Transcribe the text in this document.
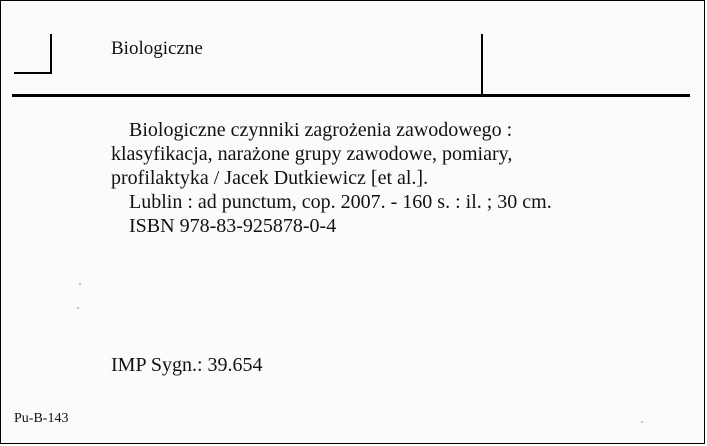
Biologiczne
Biologiczne czynniki zagrożenia zawodowego :
klasyfikacja, narażone grupy zawodowe, pomiary,
profilaktyka / Jacek Dutkiewicz [et al.].
Lublin : ad punctum, cop. 2007. - 160 s. : il. ; 30 cm.
ISBN 978-83-925878-0-4
IMP Sygn.: 39.654
Pu-B-143
